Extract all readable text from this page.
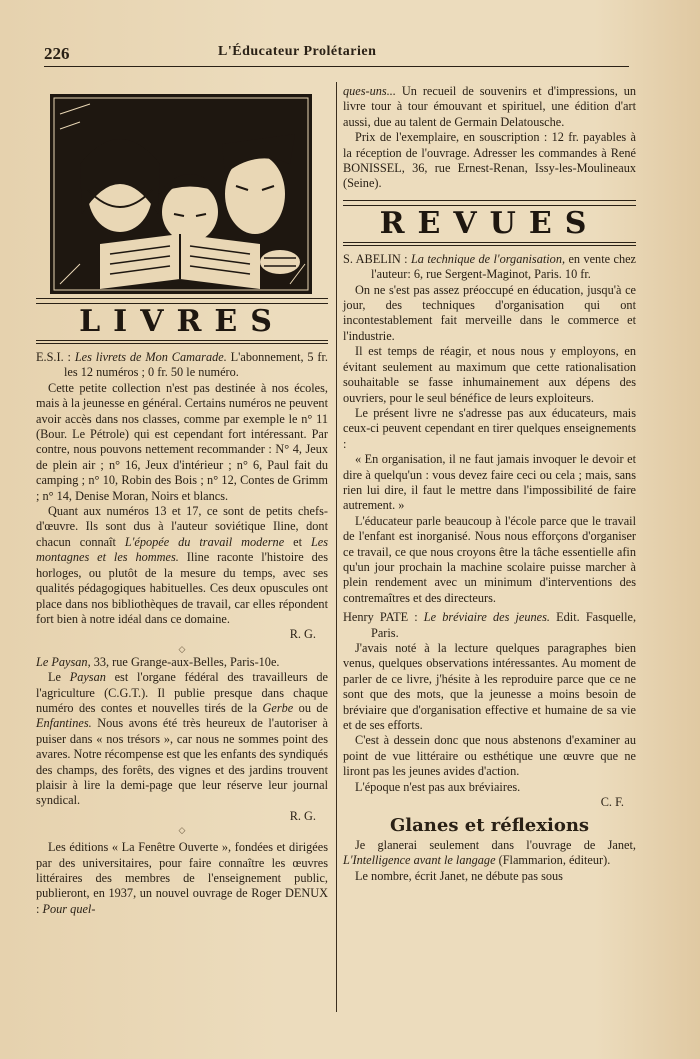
226	L'Éducateur Prolétarien
LIVRES

E.S.I. : Les livrets de Mon Camarade. L'abonnement, 5 fr. les 12 numéros ; 0 fr. 50 le numéro.

Cette petite collection n'est pas destinée à nos écoles, mais à la jeunesse en général. Certains numéros ne peuvent avoir accès dans nos classes, comme par exemple le n° 11 (Bour. Le Pétrole) qui est cependant fort intéressant. Par contre, nous pouvons nettement recommander : N° 4, Jeux de plein air ; n° 16, Jeux d'intérieur ; n° 6, Paul fait du camping ; n° 10, Robin des Bois ; n° 12, Contes de Grimm ; n° 14, Denise Moran, Noirs et blancs.

Quant aux numéros 13 et 17, ce sont de petits chefs-d'œuvre. Ils sont dus à l'auteur soviétique Iline, dont chacun connaît L'épopée du travail moderne et Les montagnes et les hommes. Iline raconte l'histoire des horloges, ou plutôt de la mesure du temps, avec ses qualités pédagogiques habituelles. Ces deux opuscules ont place dans nos bibliothèques de travail, car elles répondent fort bien à notre idéal dans ce domaine.

R. G.

◇

Le Paysan, 33, rue Grange-aux-Belles, Paris-10e.

Le Paysan est l'organe fédéral des travailleurs de l'agriculture (C.G.T.). Il publie presque dans chaque numéro des contes et nouvelles tirés de la Gerbe ou de Enfantines. Nous avons été très heureux de l'autoriser à puiser dans « nos trésors », car nous ne sommes point des avares. Notre récompense est que les enfants des syndiqués des champs, des forêts, des vignes et des jardins trouvent plaisir à lire la demi-page que leur réserve leur journal syndical.

R. G.

◇

Les éditions « La Fenêtre Ouverte », fondées et dirigées par des universitaires, pour faire connaître les œuvres littéraires des membres de l'enseignement public, publieront, en 1937, un nouvel ouvrage de Roger DENUX : Pour quel-

ques-uns... Un recueil de souvenirs et d'impressions, un livre tour à tour émouvant et spirituel, une édition d'art aussi, due au talent de Germain Delatousche.

Prix de l'exemplaire, en souscription : 12 fr. payables à la réception de l'ouvrage. Adresser les commandes à René BONISSEL, 36, rue Ernest-Renan, Issy-les-Moulineaux (Seine).

REVUES

S. ABELIN : La technique de l'organisation, en vente chez l'auteur: 6, rue Sergent-Maginot, Paris. 10 fr.

On ne s'est pas assez préoccupé en éducation, jusqu'à ce jour, des techniques d'organisation qui ont incontestablement fait merveille dans le commerce et l'industrie.

Il est temps de réagir, et nous nous y employons, en évitant seulement au maximum que cette rationalisation souhaitable se fasse inhumainement aux dépens des ouvriers, pour le seul bénéfice de leurs exploiteurs.

Le présent livre ne s'adresse pas aux éducateurs, mais ceux-ci peuvent cependant en tirer quelques enseignements :

« En organisation, il ne faut jamais invoquer le devoir et dire à quelqu'un : vous devez faire ceci ou cela ; mais, sans rien lui dire, il faut le mettre dans l'impossibilité de faire autrement. »

L'éducateur parle beaucoup à l'école parce que le travail de l'enfant est inorganisé. Nous nous efforçons d'organiser ce travail, ce que nous croyons être la tâche essentielle afin qu'un jour prochain la machine scolaire puisse marcher à plein rendement avec un minimum d'interventions des contremaîtres et des directeurs.

Henry PATE : Le bréviaire des jeunes. Edit. Fasquelle, Paris.

J'avais noté à la lecture quelques paragraphes bien venus, quelques observations intéressantes. Au moment de parler de ce livre, j'hésite à les reproduire parce que ce ne sont que des mots, que la jeunesse a moins besoin de bréviaire que d'organisation effective et humaine de sa vie et de ses efforts.

C'est à dessein donc que nous abstenons d'examiner au point de vue littéraire ou esthétique une œuvre que ne liront pas les jeunes avides d'action.

L'époque n'est pas aux bréviaires.

C. F.

Glanes et réflexions

Je glanerai seulement dans l'ouvrage de Janet, L'Intelligence avant le langage (Flammarion, éditeur).

Le nombre, écrit Janet, ne débute pas sous
